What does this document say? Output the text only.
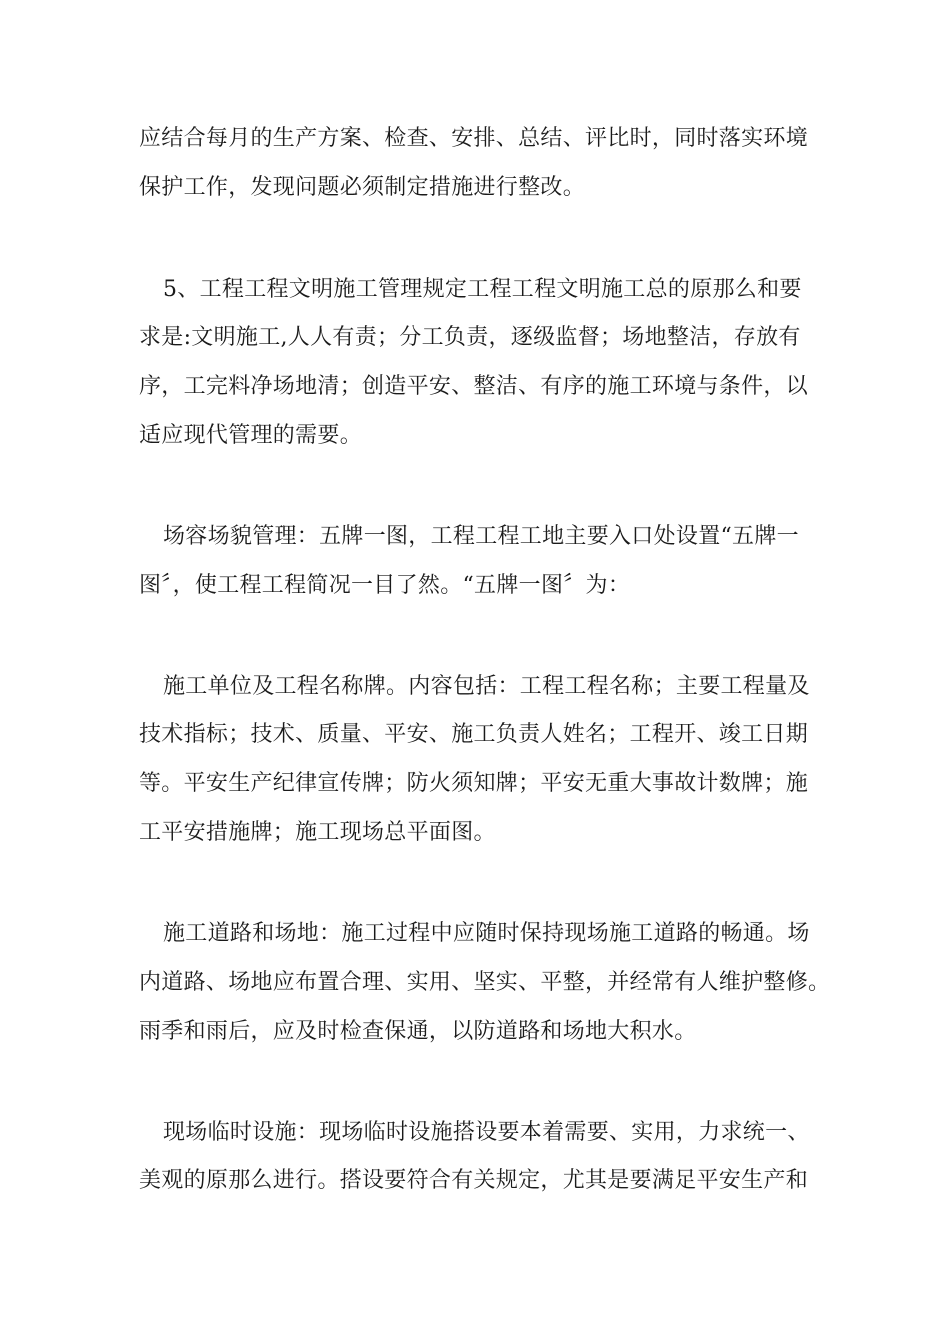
应结合每月的生产方案、检查、安排、总结、评比时，同时落实环境
保护工作，发现问题必须制定措施进行整改。
5、工程工程文明施工管理规定工程工程文明施工总的原那么和要
求是:文明施工,人人有责；分工负责，逐级监督；场地整洁，存放有
序，工完料净场地清；创造平安、整洁、有序的施工环境与条件，以
适应现代管理的需要。
场容场貌管理：五牌一图，工程工程工地主要入口处设置“五牌一
图〞，使工程工程简况一目了然。“五牌一图〞为：
施工单位及工程名称牌。内容包括：工程工程名称；主要工程量及
技术指标；技术、质量、平安、施工负责人姓名；工程开、竣工日期
等。平安生产纪律宣传牌；防火须知牌；平安无重大事故计数牌；施
工平安措施牌；施工现场总平面图。
施工道路和场地：施工过程中应随时保持现场施工道路的畅通。场
内道路、场地应布置合理、实用、坚实、平整，并经常有人维护整修。
雨季和雨后，应及时检查保通，以防道路和场地大积水。
现场临时设施：现场临时设施搭设要本着需要、实用，力求统一、
美观的原那么进行。搭设要符合有关规定，尤其是要满足平安生产和
